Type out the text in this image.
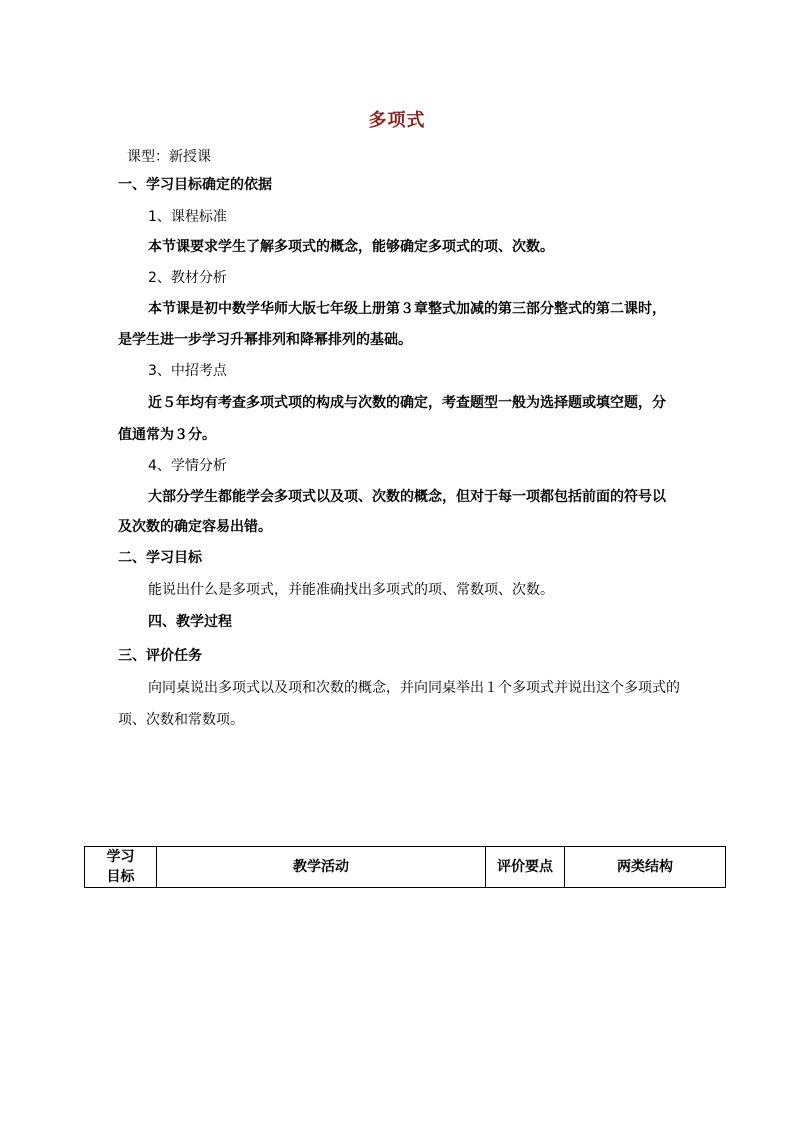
多项式
课型：新授课
一、学习目标确定的依据
1、课程标准
本节课要求学生了解多项式的概念，能够确定多项式的项、次数。
2、教材分析
本节课是初中数学华师大版七年级上册第３章整式加减的第三部分整式的第二课时，
是学生进一步学习升幂排列和降幂排列的基础。
3、中招考点
近５年均有考查多项式项的构成与次数的确定，考查题型一般为选择题或填空题，分
值通常为３分。
4、学情分析
大部分学生都能学会多项式以及项、次数的概念，但对于每一项都包括前面的符号以
及次数的确定容易出错。
二、学习目标
能说出什么是多项式，并能准确找出多项式的项、常数项、次数。
四、教学过程
三、评价任务
向同桌说出多项式以及项和次数的概念，并向同桌举出１个多项式并说出这个多项式的
项、次数和常数项。
学习
目标
	教学活动	评价要点	两类结构
